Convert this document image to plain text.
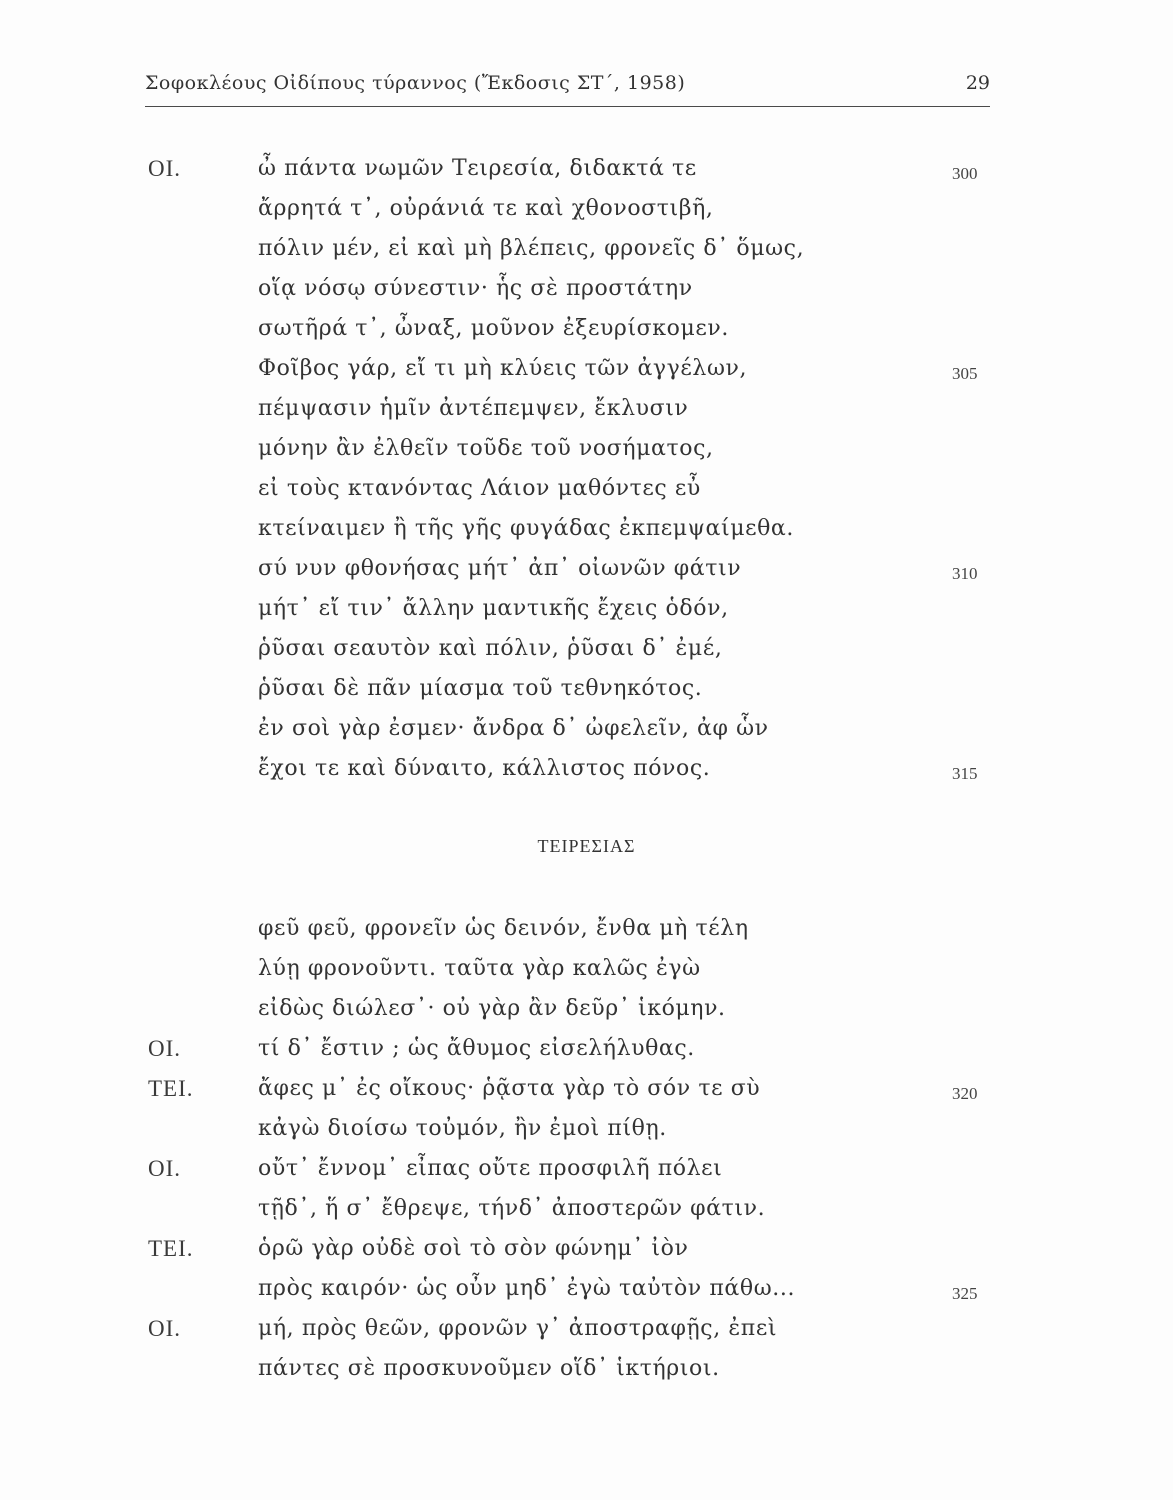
Σοφοκλέους Οἰδίπους τύραννος (Ἔκδοσις ΣΤ΄, 1958)	29
ΟΙ.	ὦ πάντα νωμῶν Τειρεσία, διδακτά τε	300
ἄρρητά τ᾿, οὐράνιά τε καὶ χθονοστιβῆ,
πόλιν μέν, εἰ καὶ μὴ βλέπεις, φρονεῖς δ᾿ ὅμως,
οἵᾳ νόσῳ σύνεστιν· ἧς σὲ προστάτην
σωτῆρά τ᾿, ὦναξ, μοῦνον ἐξευρίσκομεν.
Φοῖβος γάρ, εἴ τι μὴ κλύεις τῶν ἀγγέλων,	305
πέμψασιν ἡμῖν ἀντέπεμψεν, ἔκλυσιν
μόνην ἂν ἐλθεῖν τοῦδε τοῦ νοσήματος,
εἰ τοὺς κτανόντας Λάιον μαθόντες εὖ
κτείναιμεν ἢ τῆς γῆς φυγάδας ἐκπεμψαίμεθα.
σύ νυν φθονήσας μήτ᾿ ἀπ᾿ οἰωνῶν φάτιν	310
μήτ᾿ εἴ τιν᾿ ἄλλην μαντικῆς ἔχεις ὁδόν,
ῥῦσαι σεαυτὸν καὶ πόλιν, ῥῦσαι δ᾿ ἐμέ,
ῥῦσαι δὲ πᾶν μίασμα τοῦ τεθνηκότος.
ἐν σοὶ γὰρ ἐσμεν· ἄνδρα δ᾿ ὠφελεῖν, ἀφ ὧν
ἔχοι τε καὶ δύναιτο, κάλλιστος πόνος.	315
ΤΕΙΡΕΣΙΑΣ
φεῦ φεῦ, φρονεῖν ὡς δεινόν, ἔνθα μὴ τέλη
λύῃ φρονοῦντι. ταῦτα γὰρ καλῶς ἐγὼ
εἰδὼς διώλεσ᾿· οὐ γὰρ ἂν δεῦρ᾿ ἱκόμην.
ΟΙ.	τί δ᾿ ἔστιν ; ὡς ἄθυμος εἰσελήλυθας.
ΤΕΙ.	ἄφες μ᾿ ἐς οἴκους· ῥᾷστα γὰρ τὸ σόν τε σὺ	320
κἀγὼ διοίσω τοὐμόν, ἢν ἐμοὶ πίθῃ.
ΟΙ.	οὔτ᾿ ἔννομ᾿ εἶπας οὔτε προσφιλῆ πόλει
τῇδ᾿, ἥ σ᾿ ἔθρεψε, τήνδ᾿ ἀποστερῶν φάτιν.
ΤΕΙ.	ὁρῶ γὰρ οὐδὲ σοὶ τὸ σὸν φώνημ᾿ ἰὸν
πρὸς καιρόν· ὡς οὖν μηδ᾿ ἐγὼ ταὐτὸν πάθω...	325
ΟΙ.	μή, πρὸς θεῶν, φρονῶν γ᾿ ἀποστραφῇς, ἐπεὶ
πάντες σὲ προσκυνοῦμεν οἵδ᾿ ἱκτήριοι.
